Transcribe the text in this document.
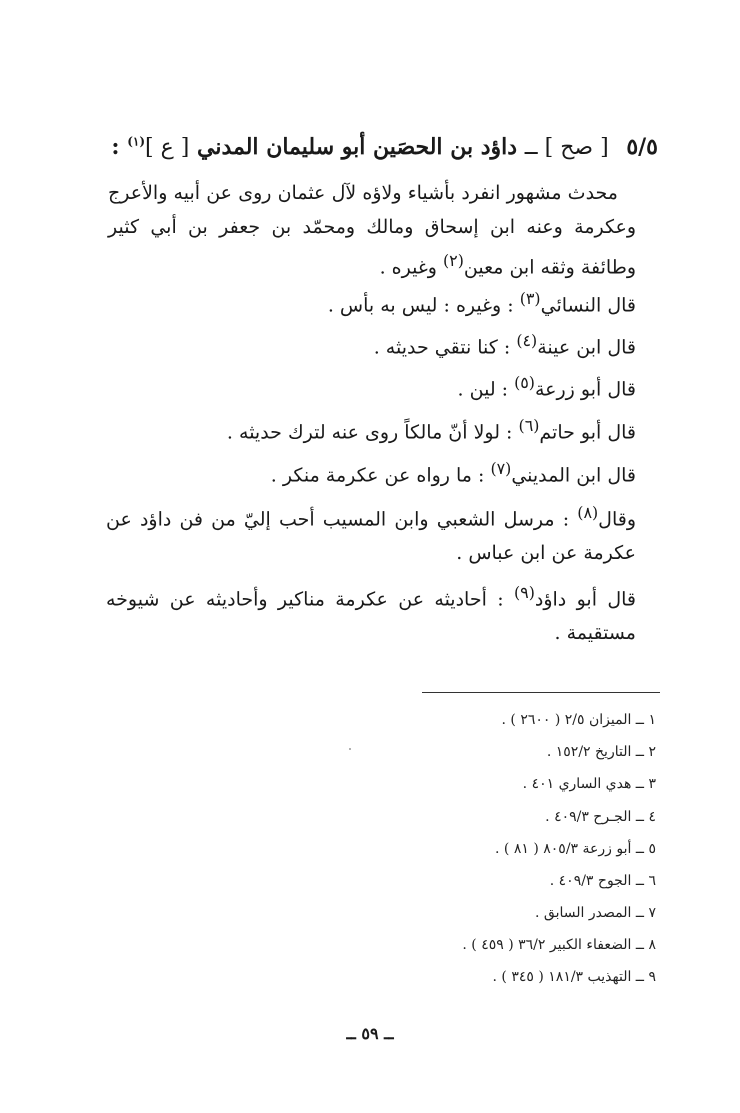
٥/٥ [ صح ] ــ داؤد بن الحصَين أبو سليمان المدني [ ع ]$^{(١)}$ :
محدث مشهور انفرد بأشياء ولاؤه لآل عثمان روى عن أبيه والأعرج وعكرمة وعنه ابن إسحاق ومالك ومحمّد بن جعفر بن أبي كثير وطائفة وثقه ابن معين$^{(٢)}$ وغيره .
قال النسائي$^{(٣)}$ : وغيره : ليس به بأس .
قال ابن عينة$^{(٤)}$ : كنا نتقي حديثه .
قال أبو زرعة$^{(٥)}$ : لين .
قال أبو حاتم$^{(٦)}$ : لولا أنّ مالكاً روى عنه لترك حديثه .
قال ابن المديني$^{(٧)}$ : ما رواه عن عكرمة منكر .
وقال$^{(٨)}$ : مرسل الشعبي وابن المسيب أحب إليّ من فن داؤد عن عكرمة عن ابن عباس .
قال أبو داؤد$^{(٩)}$ : أحاديثه عن عكرمة مناكير وأحاديثه عن شيوخه مستقيمة .
١ ــ الميزان ٢/٥ ( ٢٦٠٠ ) .
٢ ــ التاريخ ١٥٢/٢ .
٣ ــ هدي الساري ٤٠١ .
٤ ــ الجـرح ٤٠٩/٣ .
٥ ــ أبو زرعة ٨٠٥/٣ ( ٨١ ) .
٦ ــ الجوح ٤٠٩/٣ .
٧ ــ المصدر السابق .
٨ ــ الضعفاء الكبير ٣٦/٢ ( ٤٥٩ ) .
٩ ــ التهذيب ١٨١/٣ ( ٣٤٥ ) .
ــ ٥٩ ــ
